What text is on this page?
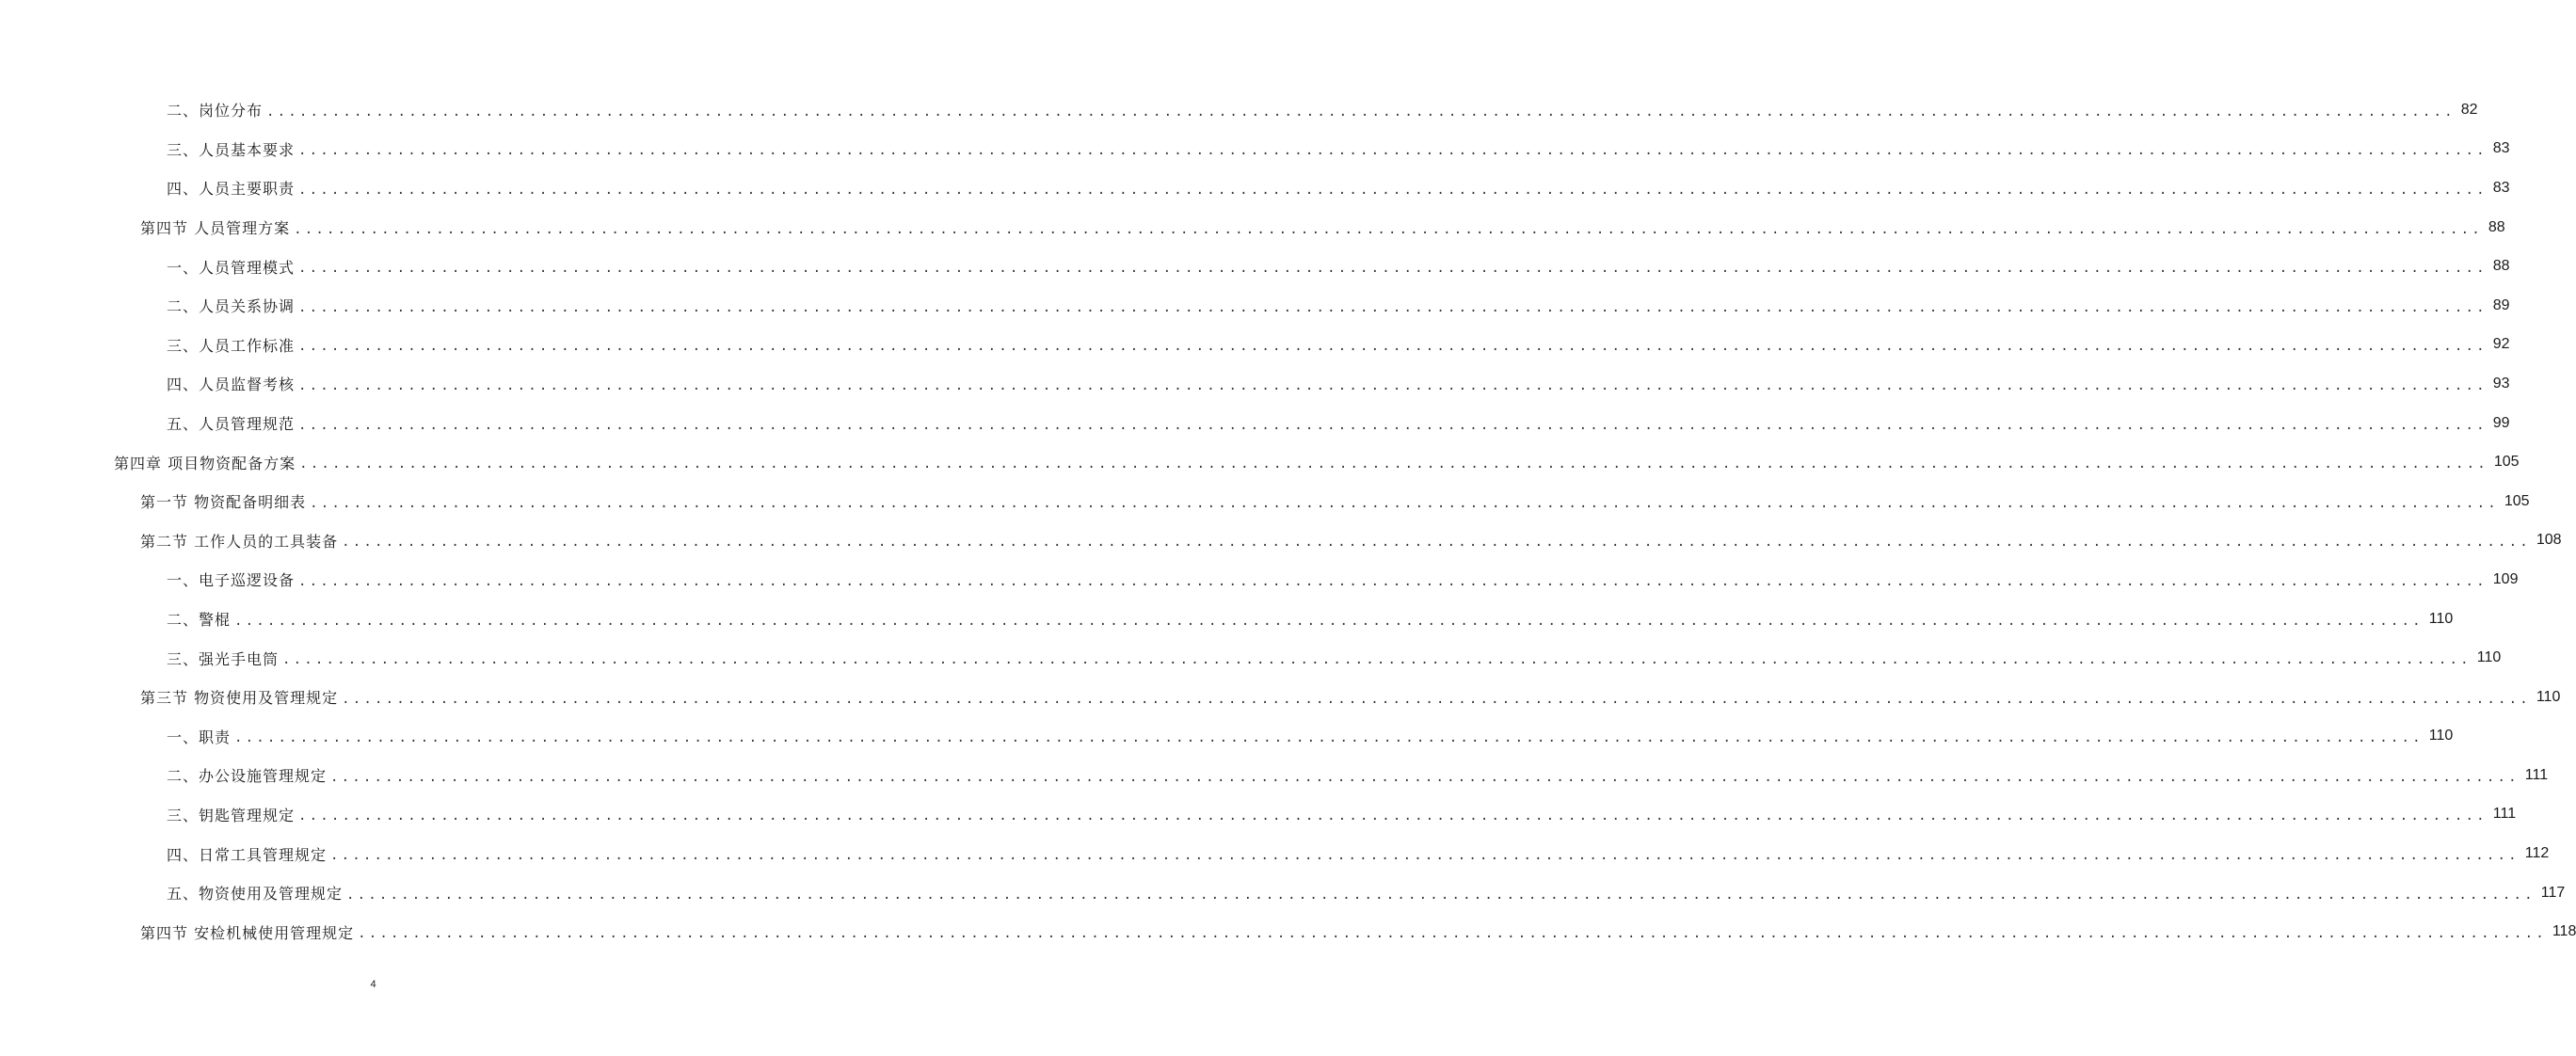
二、岗位分布 ........................................................................................................................................................................................................ 82
三、人员基本要求 ........................................................................................................................................................................................................ 83
四、人员主要职责 ........................................................................................................................................................................................................ 83
第四节 人员管理方案 ........................................................................................................................................................................................................ 88
一、人员管理模式 ........................................................................................................................................................................................................ 88
二、人员关系协调 ........................................................................................................................................................................................................ 89
三、人员工作标准 ........................................................................................................................................................................................................ 92
四、人员监督考核 ........................................................................................................................................................................................................ 93
五、人员管理规范 ........................................................................................................................................................................................................ 99
第四章 项目物资配备方案 ........................................................................................................................................................................................................ 105
第一节 物资配备明细表 ........................................................................................................................................................................................................ 105
第二节 工作人员的工具装备 ........................................................................................................................................................................................................ 108
一、电子巡逻设备 ........................................................................................................................................................................................................ 109
二、警棍 ........................................................................................................................................................................................................ 110
三、强光手电筒 ........................................................................................................................................................................................................ 110
第三节 物资使用及管理规定 ........................................................................................................................................................................................................ 110
一、职责 ........................................................................................................................................................................................................ 110
二、办公设施管理规定 ........................................................................................................................................................................................................ 111
三、钥匙管理规定 ........................................................................................................................................................................................................ 111
四、日常工具管理规定 ........................................................................................................................................................................................................ 112
五、物资使用及管理规定 ........................................................................................................................................................................................................ 117
第四节 安检机械使用管理规定 ........................................................................................................................................................................................................ 118
4
